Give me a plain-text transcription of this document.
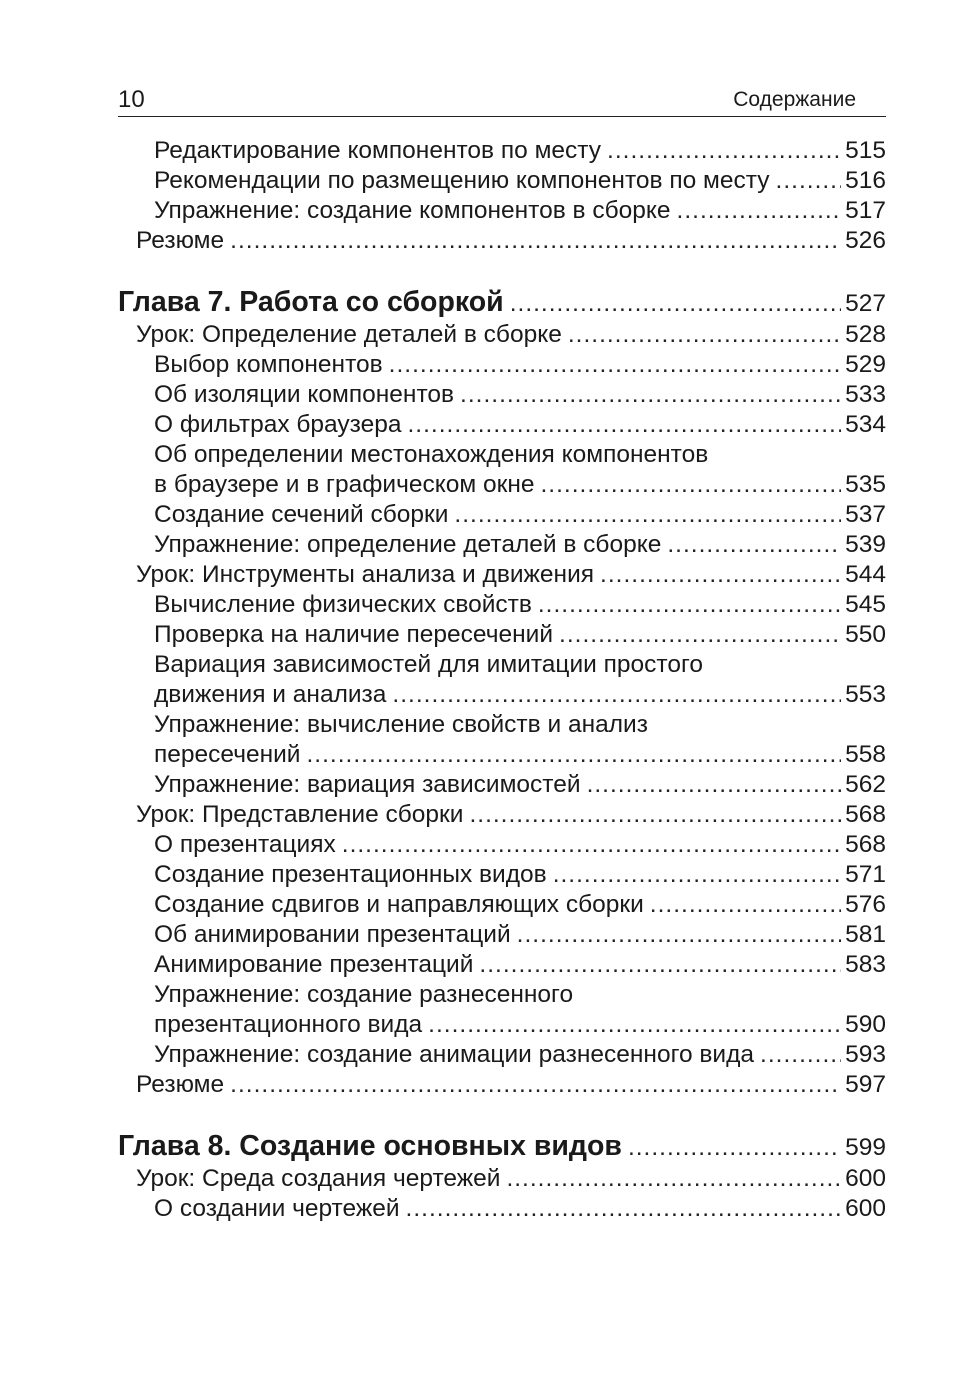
10	Содержание
Редактирование компонентов по месту .....	515
Рекомендации по размещению компонентов по месту .....	516
Упражнение: создание компонентов в сборке .....	517
Резюме .....	526
Глава 7. Работа со сборкой .....	527
Урок: Определение деталей в сборке .....	528
Выбор компонентов .....	529
Об изоляции компонентов .....	533
О фильтрах браузера .....	534
Об определении местонахождения компонентов
в браузере и в графическом окне .....	535
Создание сечений сборки .....	537
Упражнение: определение деталей в сборке .....	539
Урок: Инструменты анализа и движения .....	544
Вычисление физических свойств .....	545
Проверка на наличие пересечений .....	550
Вариация зависимостей для имитации простого
движения и анализа .....	553
Упражнение: вычисление свойств и анализ
пересечений .....	558
Упражнение: вариация зависимостей .....	562
Урок: Представление сборки .....	568
О презентациях .....	568
Создание презентационных видов .....	571
Создание сдвигов и направляющих сборки .....	576
Об анимировании презентаций .....	581
Анимирование презентаций .....	583
Упражнение: создание разнесенного
презентационного вида .....	590
Упражнение: создание анимации разнесенного вида .....	593
Резюме .....	597
Глава 8. Создание основных видов .....	599
Урок: Среда создания чертежей .....	600
О создании чертежей .....	600
